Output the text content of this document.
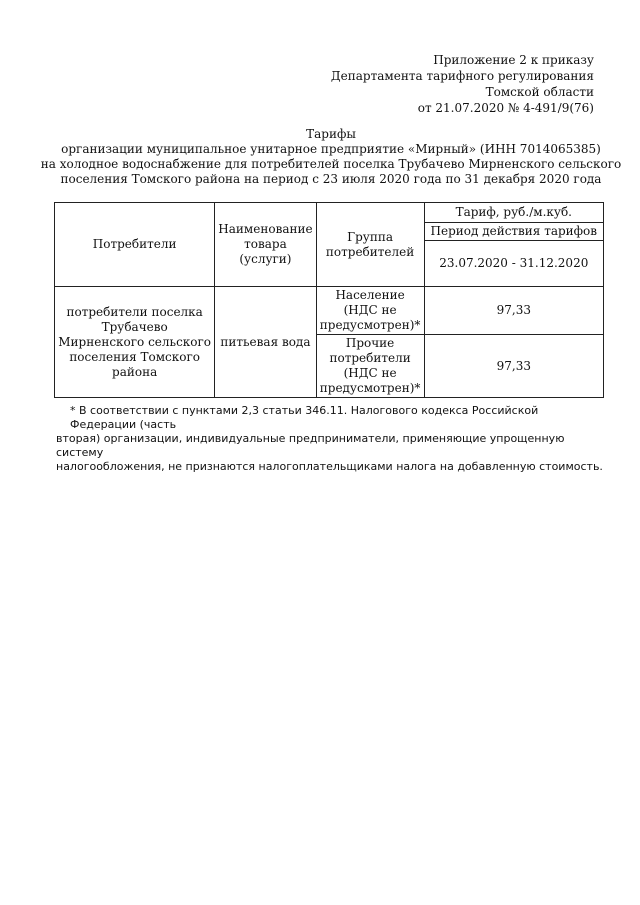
Приложение 2 к приказу
Департамента тарифного регулирования
Томской области
от 21.07.2020 № 4-491/9(76)
Тарифы
организации муниципальное унитарное предприятие «Мирный» (ИНН 7014065385)
на холодное водоснабжение для потребителей поселка Трубачево Мирненского сельского
поселения Томского района на период с 23 июля 2020 года по 31 декабря 2020 года
Потребители	Наименование товара (услуги)	Группа потребителей	Тариф, руб./м.куб.
			Период действия тарифов
			23.07.2020 - 31.12.2020
потребители поселка Трубачево Мирненского сельского поселения Томского района	питьевая вода	Население (НДС не предусмотрен)*	97,33
		Прочие потребители (НДС не предусмотрен)*	97,33
* В соответствии с пунктами 2,3 статьи 346.11. Налогового кодекса Российской Федерации (часть
вторая) организации, индивидуальные предприниматели, применяющие упрощенную систему
налогообложения, не признаются налогоплательщиками налога на добавленную стоимость.
